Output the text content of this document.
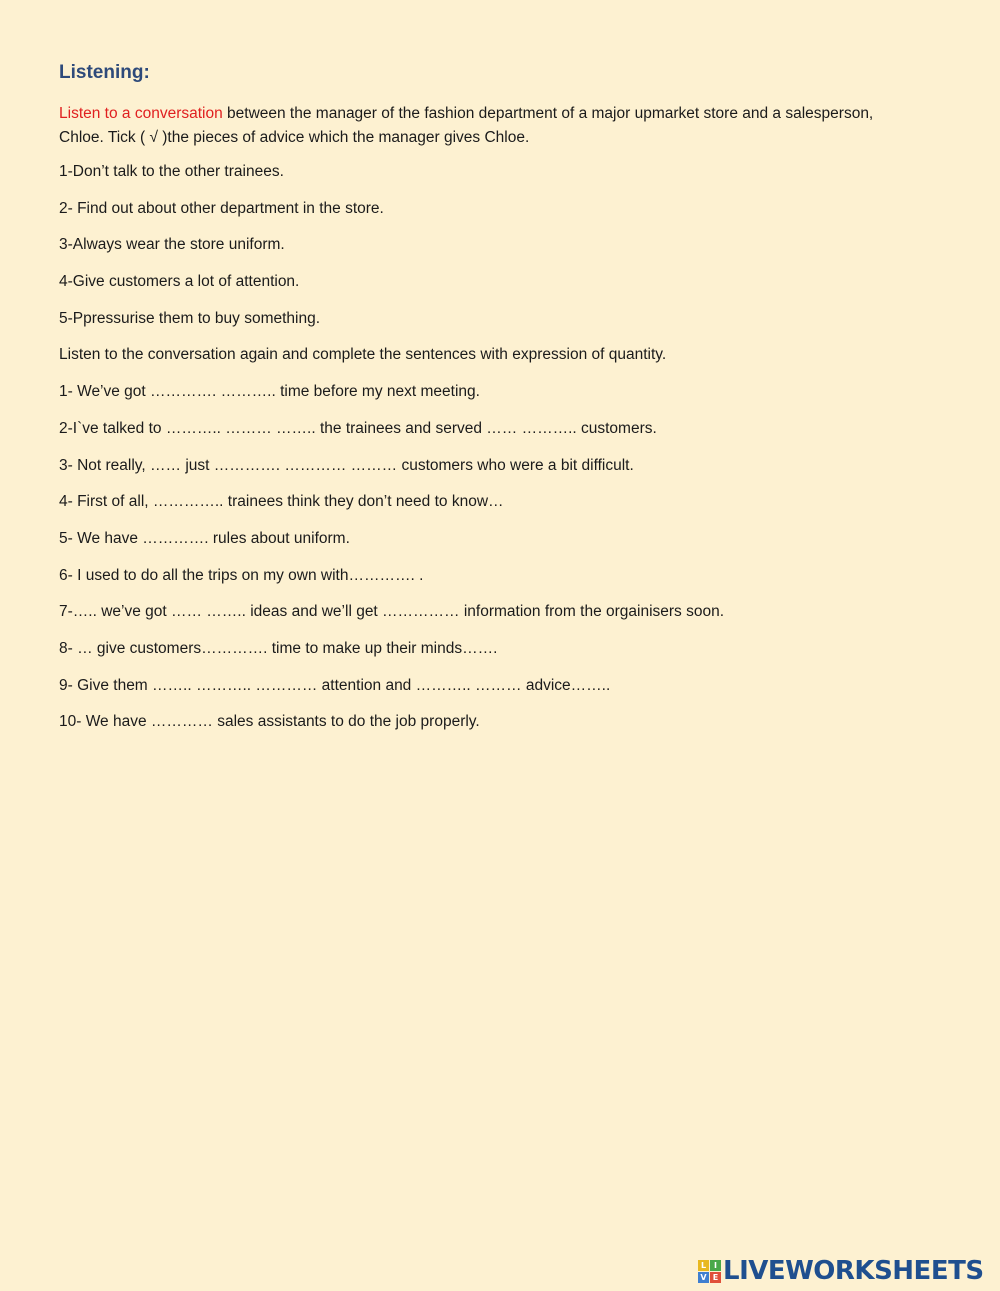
Listening:
Listen to a conversation between the manager of the fashion department of a major upmarket store and a salesperson,
Chloe. Tick ( √ )the pieces of advice which the manager gives Chloe.
1-Don’t talk to the other trainees.
2- Find out about other department in the store.
3-Always wear the store uniform.
4-Give customers a lot of attention.
5-Ppressurise them to buy something.
Listen to the conversation again and complete the sentences with expression of quantity.
1- We’ve got …………. ……….. time before my next meeting.
2-I`ve talked to ……….. ……… …….. the trainees and served …… ……….. customers.
3- Not really, …… just …………. ………… ……… customers who were a bit difficult.
4- First of all, ………….. trainees think they don’t need to know…
5- We have …………. rules about uniform.
6- I used to do all the trips on my own with…………. .
7-….. we’ve got …… …….. ideas and we’ll get …………… information from the orgainisers soon.
8- … give customers…………. time to make up their minds…….
9- Give them …….. ……….. ………… attention and ……….. ……… advice……..
10- We have ………… sales assistants to do the job properly.
L I
V E LIVEWORKSHEETS
